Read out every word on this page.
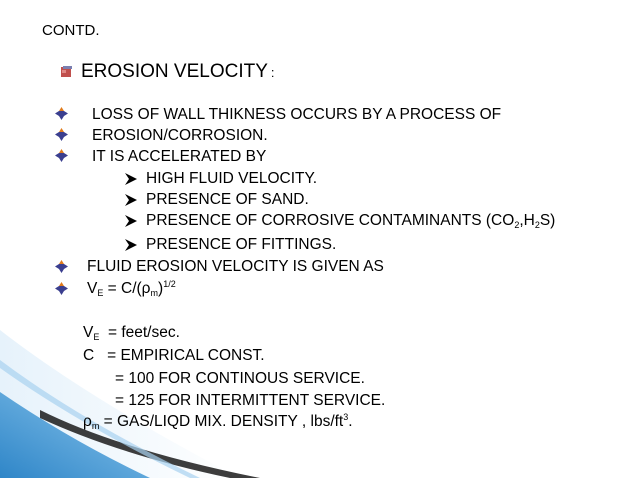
CONTD.
EROSION VELOCITY :
LOSS OF WALL THIKNESS OCCURS BY A PROCESS OF
EROSION/CORROSION.
IT IS ACCELERATED BY
HIGH FLUID VELOCITY.
PRESENCE OF SAND.
PRESENCE OF CORROSIVE CONTAMINANTS $(CO_2,H_2S)$
PRESENCE OF FITTINGS.
FLUID EROSION VELOCITY IS GIVEN AS
$V_E = C/(\rho_m)^{1/2}$
$V_E$  = feet/sec.
C   = EMPIRICAL CONST.
= 100 FOR CONTINOUS SERVICE.
= 125 FOR INTERMITTENT SERVICE.
$\rho_m$ = GAS/LIQD MIX. DENSITY , lbs/$ft^3$.
